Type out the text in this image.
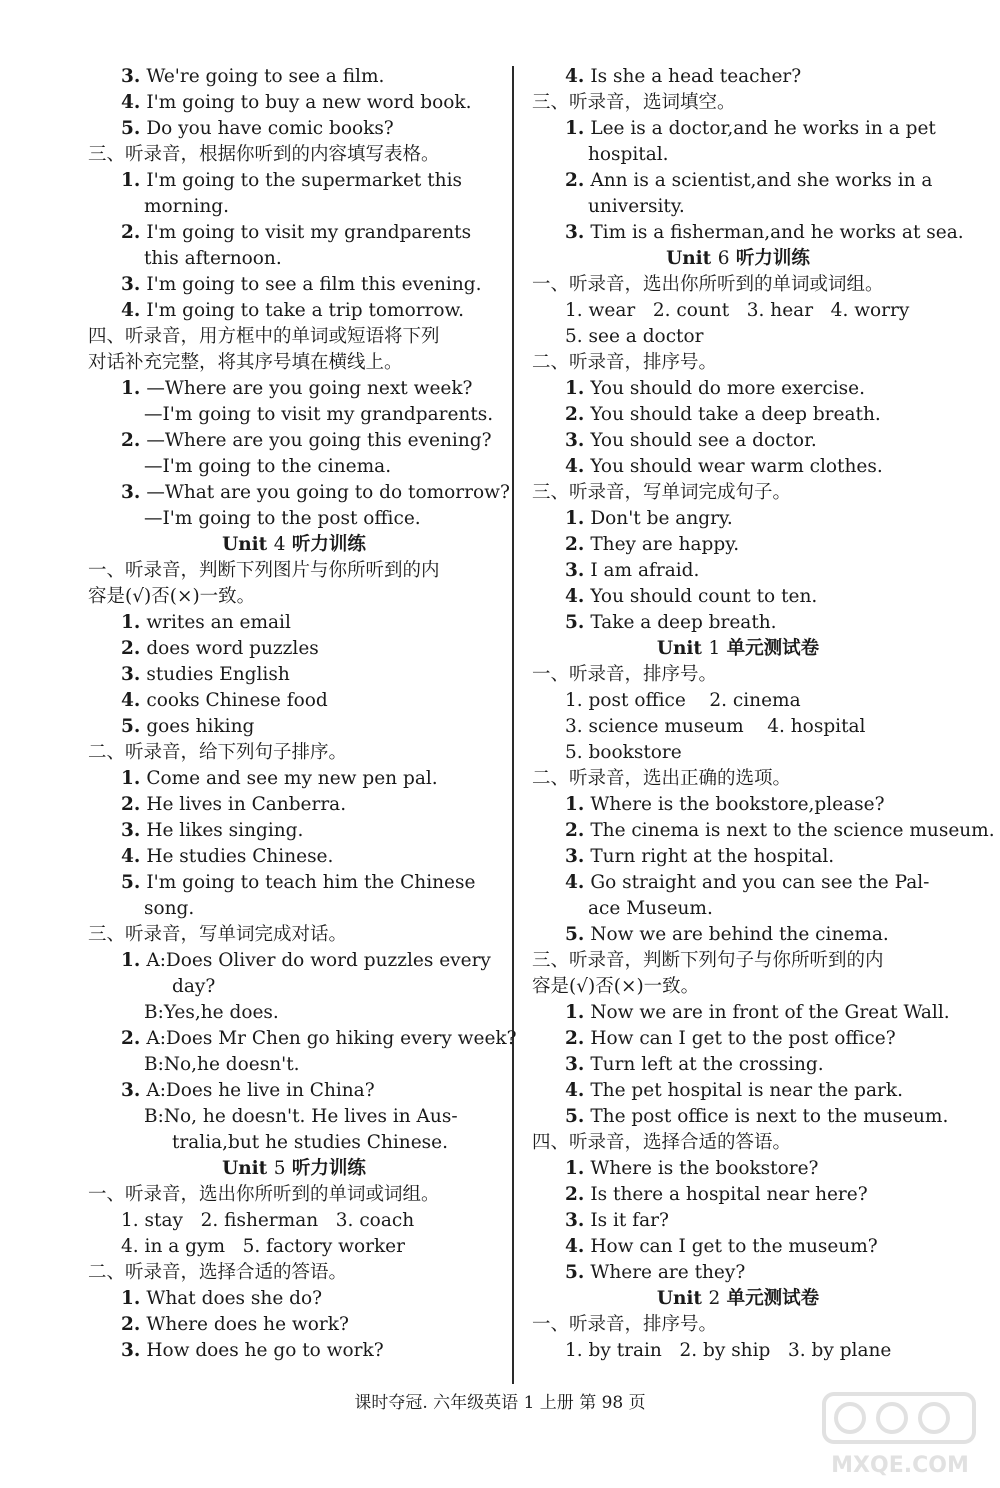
3. We're going to see a film.
4. I'm going to buy a new word book.
5. Do you have comic books?
三、听录音，根据你听到的内容填写表格。
1. I'm going to the supermarket this
morning.
2. I'm going to visit my grandparents
this afternoon.
3. I'm going to see a film this evening.
4. I'm going to take a trip tomorrow.
四、听录音，用方框中的单词或短语将下列
对话补充完整，将其序号填在横线上。
1. —Where are you going next week?
—I'm going to visit my grandparents.
2. —Where are you going this evening?
—I'm going to the cinema.
3. —What are you going to do tomorrow?
—I'm going to the post office.
Unit 4 听力训练
一、听录音，判断下列图片与你所听到的内
容是(√)否(×)一致。
1. writes an email
2. does word puzzles
3. studies English
4. cooks Chinese food
5. goes hiking
二、听录音，给下列句子排序。
1. Come and see my new pen pal.
2. He lives in Canberra.
3. He likes singing.
4. He studies Chinese.
5. I'm going to teach him the Chinese
song.
三、听录音，写单词完成对话。
1. A:Does Oliver do word puzzles every
day?
B:Yes,he does.
2. A:Does Mr Chen go hiking every week?
B:No,he doesn't.
3. A:Does he live in China?
B:No, he doesn't. He lives in Aus-
tralia,but he studies Chinese.
Unit 5 听力训练
一、听录音，选出你所听到的单词或词组。
1. stay   2. fisherman   3. coach
4. in a gym   5. factory worker
二、听录音，选择合适的答语。
1. What does she do?
2. Where does he work?
3. How does he go to work?
4. Is she a head teacher?
三、听录音，选词填空。
1. Lee is a doctor,and he works in a pet
hospital.
2. Ann is a scientist,and she works in a
university.
3. Tim is a fisherman,and he works at sea.
Unit 6 听力训练
一、听录音，选出你所听到的单词或词组。
1. wear   2. count   3. hear   4. worry
5. see a doctor
二、听录音，排序号。
1. You should do more exercise.
2. You should take a deep breath.
3. You should see a doctor.
4. You should wear warm clothes.
三、听录音，写单词完成句子。
1. Don't be angry.
2. They are happy.
3. I am afraid.
4. You should count to ten.
5. Take a deep breath.
Unit 1 单元测试卷
一、听录音，排序号。
1. post office    2. cinema
3. science museum    4. hospital
5. bookstore
二、听录音，选出正确的选项。
1. Where is the bookstore,please?
2. The cinema is next to the science museum.
3. Turn right at the hospital.
4. Go straight and you can see the Pal-
ace Museum.
5. Now we are behind the cinema.
三、听录音，判断下列句子与你所听到的内
容是(√)否(×)一致。
1. Now we are in front of the Great Wall.
2. How can I get to the post office?
3. Turn left at the crossing.
4. The pet hospital is near the park.
5. The post office is next to the museum.
四、听录音，选择合适的答语。
1. Where is the bookstore?
2. Is there a hospital near here?
3. Is it far?
4. How can I get to the museum?
5. Where are they?
Unit 2 单元测试卷
一、听录音，排序号。
1. by train   2. by ship   3. by plane
课时夺冠. 六年级英语 1 上册 第 98 页
MXQE.COM
